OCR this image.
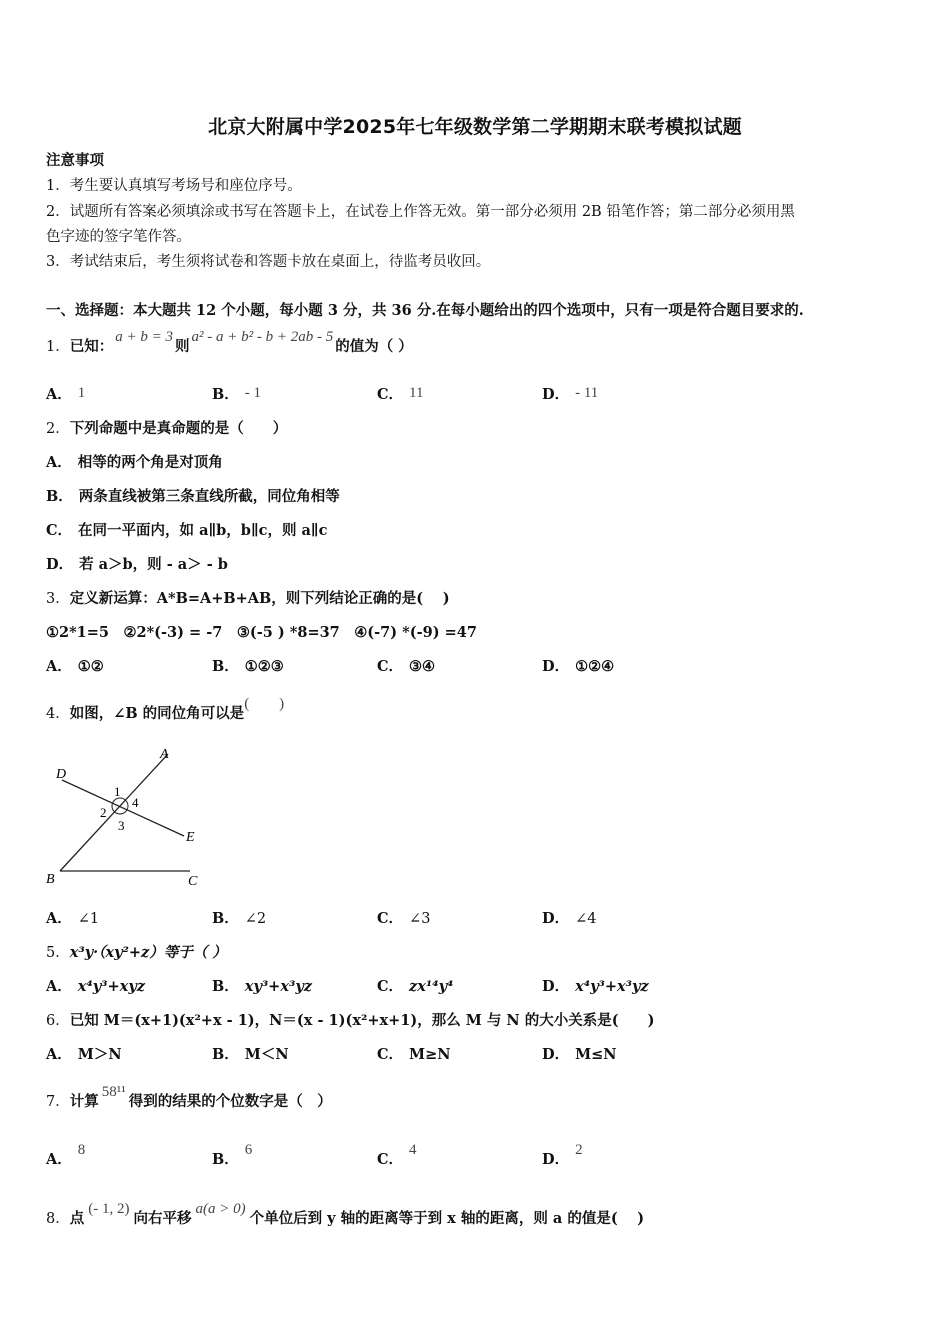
北京大附属中学2025年七年级数学第二学期期末联考模拟试题
注意事项
1．考生要认真填写考场号和座位序号。
2．试题所有答案必须填涂或书写在答题卡上，在试卷上作答无效。第一部分必须用 2B 铅笔作答；第二部分必须用黑
色字迹的签字笔作答。
3．考试结束后，考生须将试卷和答题卡放在桌面上，待监考员收回。
一、选择题：本大题共 12 个小题，每小题 3 分，共 36 分.在每小题给出的四个选项中，只有一项是符合题目要求的.
1．已知：a + b = 3则a² - a + b² - b + 2ab - 5的值为（ ）
A． 1	B． - 1	C． 11	D． - 11
2．下列命题中是真命题的是（　　）
A． 相等的两个角是对顶角
B． 两条直线被第三条直线所截，同位角相等
C． 在同一平面内，如 a∥b，b∥c，则 a∥c
D． 若 a＞b，则 - a＞ - b
3．定义新运算：A*B=A+B+AB，则下列结论正确的是(　 )
①2*1=5　②2*(-3) = -7　③(-5 ) *8=37　④(-7) *(-9) =47
A． ①②	B． ①②③	C． ③④	D． ①②④
4．如图，∠B 的同位角可以是(　　)
A
D
1
2
3
4
E
B	C
A． ∠1	B． ∠2	C． ∠3	D． ∠4
5．x³y·（xy²+z）等于（ ）
A． x⁴y³+xyz	B． xy³+x³yz	C． zx¹⁴y⁴	D． x⁴y³+x³yz
6．已知 M＝(x+1)(x²+x - 1)，N＝(x - 1)(x²+x+1)，那么 M 与 N 的大小关系是(　　)
A． M＞N	B． M＜N	C． M≥N	D． M≤N
7．计算58¹¹得到的结果的个位数字是（　）
A．8
B．6
C．4
D．2
8．点(- 1, 2)向右平移a(a > 0)个单位后到 y 轴的距离等于到 x 轴的距离，则 a 的值是(　 )
